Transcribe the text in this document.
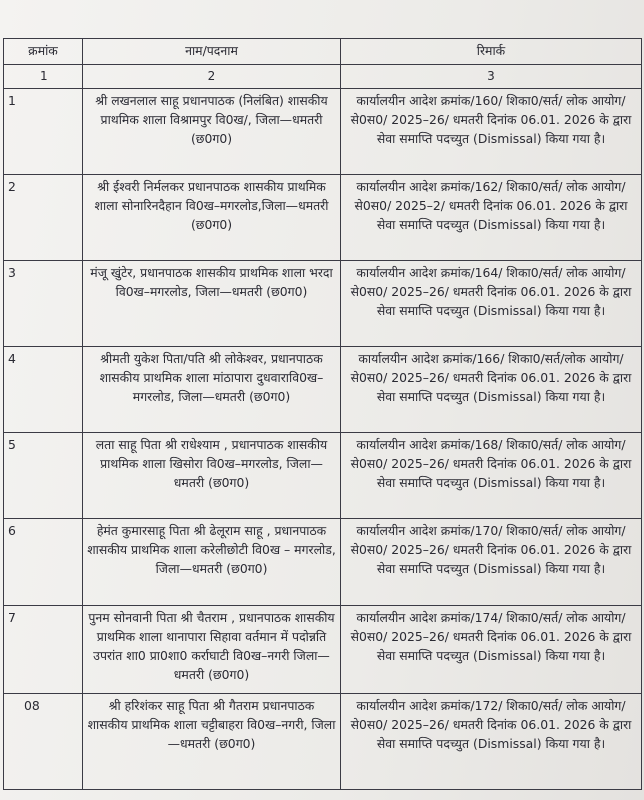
क्रमांक	नाम/पदनाम	रिमार्क
1	2	3
1	श्री लखनलाल साहू प्रधानपाठक (निलंबित) शासकीय प्राथमिक शाला विश्रामपुर वि0ख/, जिला—धमतरी (छ0ग0)	कार्यालयीन आदेश क्रमांक/160/ शिका0/सर्त/ लोक आयोग/ से0स0/ 2025–26/ धमतरी दिनांक 06.01. 2026 के द्वारा सेवा समाप्ति पदच्युत (Dismissal) किया गया है।
2	श्री ईश्वरी निर्मलकर प्रधानपाठक शासकीय प्राथमिक शाला सोनारिनदैहान वि0ख–मगरलोड,जिला—धमतरी (छ0ग0)	कार्यालयीन आदेश क्रमांक/162/ शिका0/सर्त/ लोक आयोग/ से0स0/ 2025–2/ धमतरी दिनांक 06.01. 2026 के द्वारा सेवा समाप्ति पदच्युत (Dismissal) किया गया है।
3	मंजू खुंटेर, प्रधानपाठक शासकीय प्राथमिक शाला भरदा वि0ख–मगरलोड, जिला—धमतरी (छ0ग0)	कार्यालयीन आदेश क्रमांक/164/ शिका0/सर्त/ लोक आयोग/ से0स0/ 2025–26/ धमतरी दिनांक 06.01. 2026 के द्वारा सेवा समाप्ति पदच्युत (Dismissal) किया गया है।
4	श्रीमती युकेश पिता/पति श्री लोकेश्वर, प्रधानपाठक शासकीय प्राथमिक शाला मांठापारा दुधवारावि0ख–मगरलोड, जिला—धमतरी (छ0ग0)	कार्यालयीन आदेश क्रमांक/166/ शिका0/सर्त/लोक आयोग/ से0स0/ 2025–26/ धमतरी दिनांक 06.01. 2026 के द्वारा सेवा समाप्ति पदच्युत (Dismissal) किया गया है।
5	लता साहू पिता श्री राधेश्याम , प्रधानपाठक शासकीय प्राथमिक शाला खिसोरा वि0ख–मगरलोड, जिला—धमतरी (छ0ग0)	कार्यालयीन आदेश क्रमांक/168/ शिका0/सर्त/ लोक आयोग/ से0स0/ 2025–26/ धमतरी दिनांक 06.01. 2026 के द्वारा सेवा समाप्ति पदच्युत (Dismissal) किया गया है।
6	हेमंत कुमारसाहू पिता श्री ढेलूराम साहू , प्रधानपाठक शासकीय प्राथमिक शाला करेलीछोटी वि0ख – मगरलोड, जिला—धमतरी (छ0ग0)	कार्यालयीन आदेश क्रमांक/170/ शिका0/सर्त/ लोक आयोग/ से0स0/ 2025–26/ धमतरी दिनांक 06.01. 2026 के द्वारा सेवा समाप्ति पदच्युत (Dismissal) किया गया है।
7	पुनम सोनवानी पिता श्री चैतराम , प्रधानपाठक शासकीय प्राथमिक शाला थानापारा सिहावा वर्तमान में पदोन्नति उपरांत शा0 प्रा0शा0 कर्राघाटी वि0ख–नगरी जिला—धमतरी (छ0ग0)	कार्यालयीन आदेश क्रमांक/174/ शिका0/सर्त/ लोक आयोग/ से0स0/ 2025–26/ धमतरी दिनांक 06.01. 2026 के द्वारा सेवा समाप्ति पदच्युत (Dismissal) किया गया है।
08	श्री हरिशंकर साहू पिता श्री गैतराम प्रधानपाठक शासकीय प्राथमिक शाला चट्टीबाहरा वि0ख–नगरी, जिला—धमतरी (छ0ग0)	कार्यालयीन आदेश क्रमांक/172/ शिका0/सर्त/ लोक आयोग/ से0स0/ 2025–26/ धमतरी दिनांक 06.01. 2026 के द्वारा सेवा समाप्ति पदच्युत (Dismissal) किया गया है।
